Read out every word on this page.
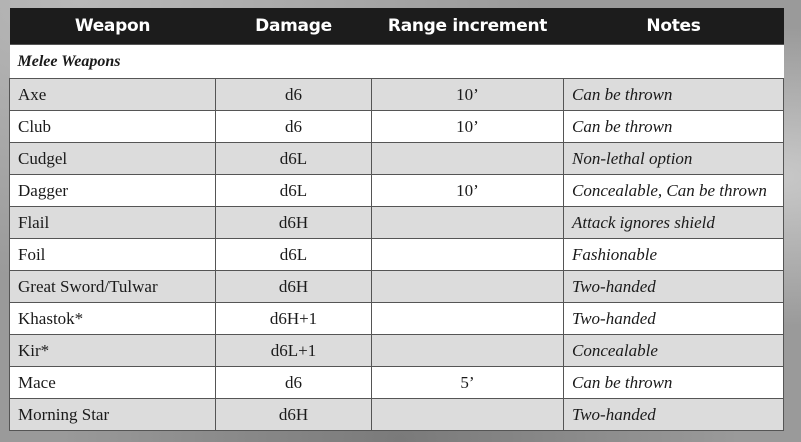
Weapon	Damage	Range increment	Notes
Melee Weapons			
Axe	d6	10’	Can be thrown
Club	d6	10’	Can be thrown
Cudgel	d6L		Non-lethal option
Dagger	d6L	10’	Concealable, Can be thrown
Flail	d6H		Attack ignores shield
Foil	d6L		Fashionable
Great Sword/Tulwar	d6H		Two-handed
Khastok*	d6H+1		Two-handed
Kir*	d6L+1		Concealable
Mace	d6	5’	Can be thrown
Morning Star	d6H		Two-handed
